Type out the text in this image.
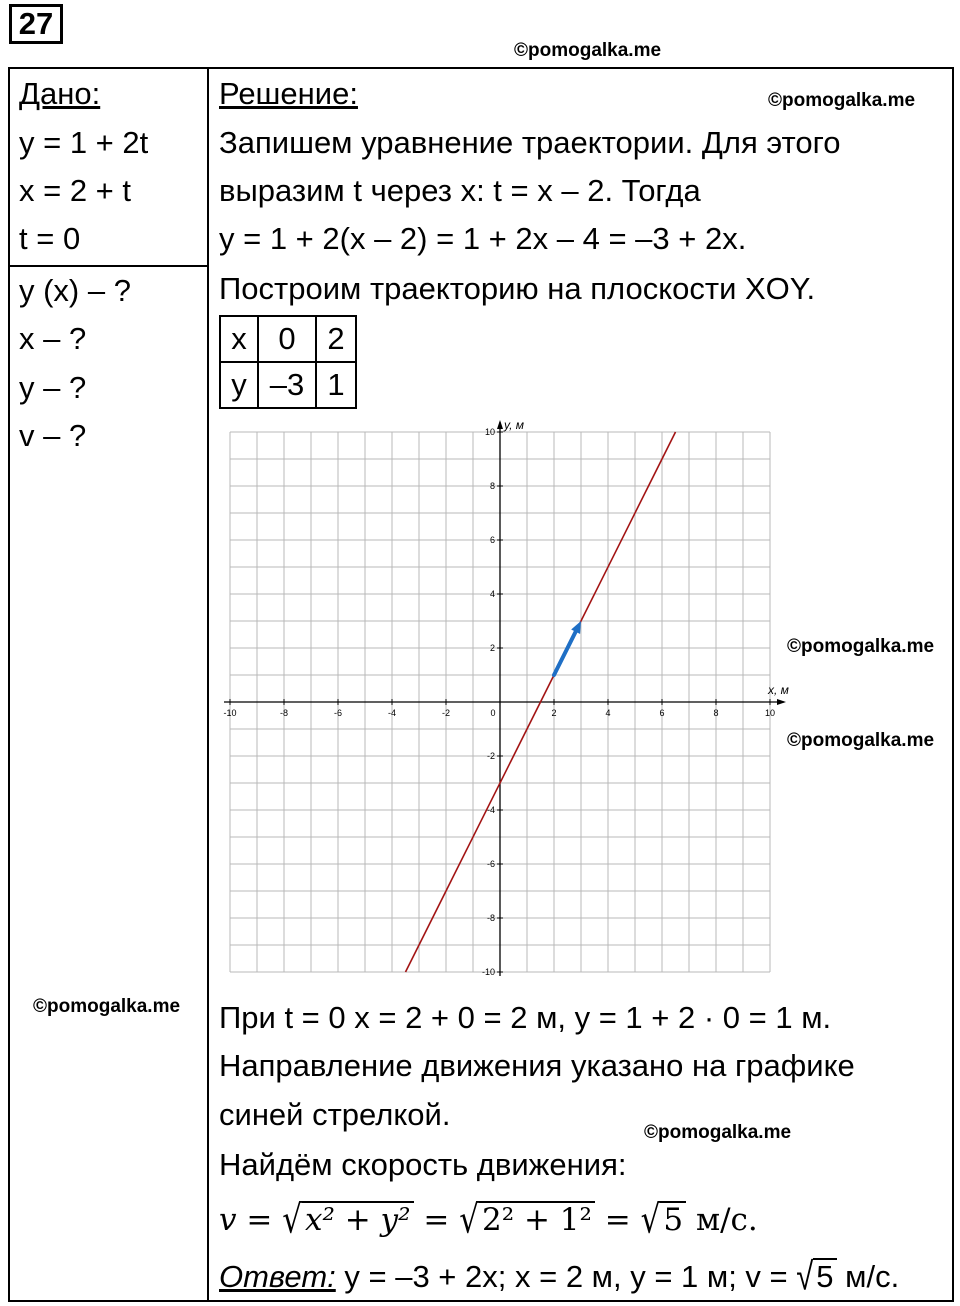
27
©pomogalka.me
©pomogalka.me
©pomogalka.me
©pomogalka.me
©pomogalka.me
©pomogalka.me
Дано:
y = 1 + 2t
x = 2 + t
t = 0
y (x) – ?
x – ?
y – ?
v – ?
Решение:
Запишем уравнение траектории. Для этого
выразим t через x: t = x – 2. Тогда
y = 1 + 2(x – 2) = 1 + 2x – 4 = –3 + 2x.
Построим траекторию на плоскости XOY.
x	0	2
y	–3	1
-10	-8	-6	-4	-2	0	2	4	6	8	10
-10
-8
-6
-4
-2
2
4
6
8
10
x, м
y, м
При t = 0 x = 2 + 0 = 2 м, y = 1 + 2 · 0 = 1 м.
Направление движения указано на графике
синей стрелкой.
Найдём скорость движения:
v = √x² + y² = √2² + 1² = √5 м/с.
Ответ: y = –3 + 2x; x = 2 м, y = 1 м; v = √5 м/с.
